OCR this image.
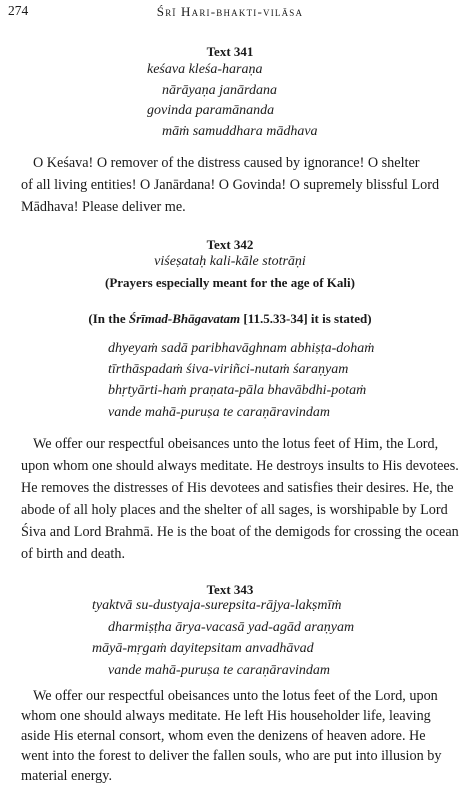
274	Śrī Hari-bhakti-vilāsa
Text 341
keśava kleśa-haraṇa
nārāyaṇa janārdana
govinda paramānanda
māṁ samuddhara mādhava
O Keśava! O remover of the distress caused by ignorance! O shelter
of all living entities! O Janārdana! O Govinda! O supremely blissful Lord
Mādhava! Please deliver me.
Text 342
viśeṣataḥ kali-kāle stotrāṇi
(Prayers especially meant for the age of Kali)
(In the Śrīmad-Bhāgavatam [11.5.33-34] it is stated)
dhyeyaṁ sadā paribhavāghnam abhiṣṭa-dohaṁ
tīrthāspadaṁ śiva-viriñci-nutaṁ śaraṇyam
bhṛtyārti-haṁ praṇata-pāla bhavābdhi-potaṁ
vande mahā-puruṣa te caraṇāravindam
We offer our respectful obeisances unto the lotus feet of Him, the Lord,
upon whom one should always meditate. He destroys insults to His devotees.
He removes the distresses of His devotees and satisfies their desires. He, the
abode of all holy places and the shelter of all sages, is worshipable by Lord
Śiva and Lord Brahmā. He is the boat of the demigods for crossing the ocean
of birth and death.
Text 343
tyaktvā su-dustyaja-surepsita-rājya-lakṣmīṁ
dharmiṣṭha ārya-vacasā yad-agād araṇyam
māyā-mṛgaṁ dayitepsitam anvadhāvad
vande mahā-puruṣa te caraṇāravindam
We offer our respectful obeisances unto the lotus feet of the Lord, upon
whom one should always meditate. He left His householder life, leaving
aside His eternal consort, whom even the denizens of heaven adore. He
went into the forest to deliver the fallen souls, who are put into illusion by
material energy.
